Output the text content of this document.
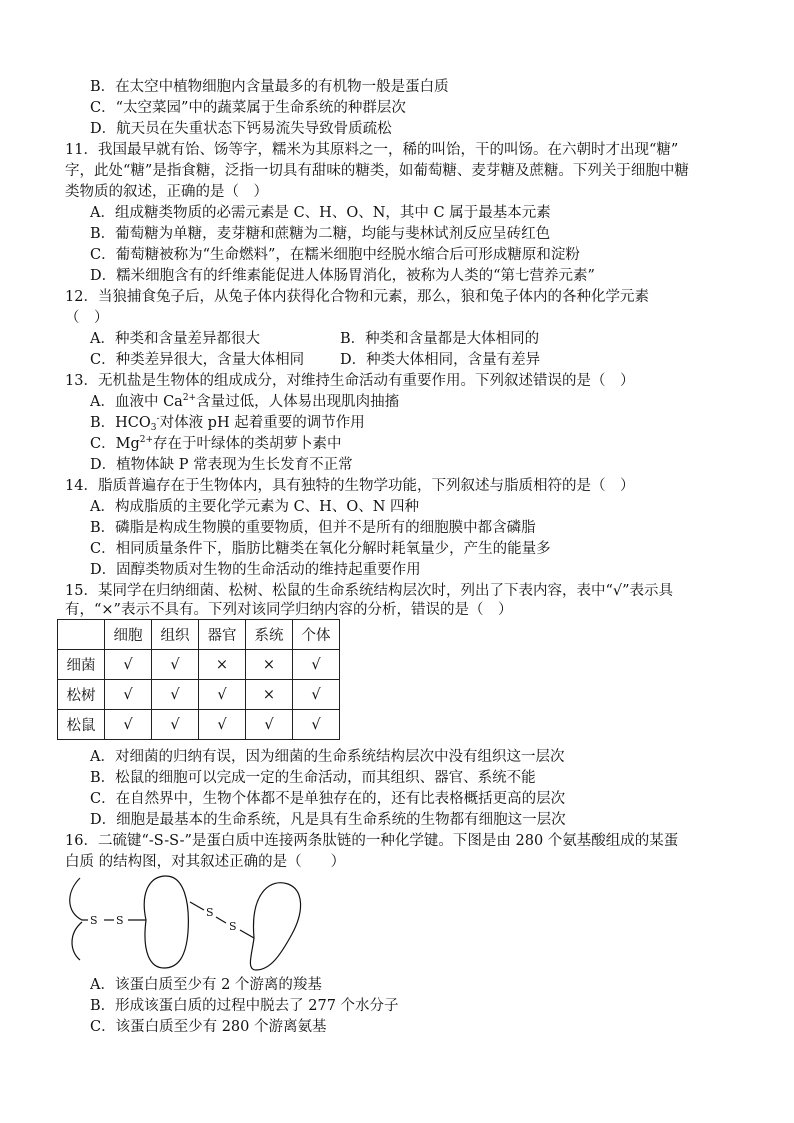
B．在太空中植物细胞内含量最多的有机物一般是蛋白质
C．“太空菜园”中的蔬菜属于生命系统的种群层次
D．航天员在失重状态下钙易流失导致骨质疏松
11．我国最早就有饴、饧等字，糯米为其原料之一，稀的叫饴，干的叫饧。在六朝时才出现“糖”
字，此处“糖”是指食糖，泛指一切具有甜味的糖类，如葡萄糖、麦芽糖及蔗糖。下列关于细胞中糖
类物质的叙述，正确的是（　）
A．组成糖类物质的必需元素是 C、H、O、N，其中 C 属于最基本元素
B．葡萄糖为单糖，麦芽糖和蔗糖为二糖，均能与斐林试剂反应呈砖红色
C．葡萄糖被称为“生命燃料”，在糯米细胞中经脱水缩合后可形成糖原和淀粉
D．糯米细胞含有的纤维素能促进人体肠胃消化，被称为人类的“第七营养元素”
12．当狼捕食兔子后，从兔子体内获得化合物和元素，那么，狼和兔子体内的各种化学元素
（　）
A．种类和含量差异都很大	B．种类和含量都是大体相同的
C．种类差异很大，含量大体相同 D．种类大体相同，含量有差异
13．无机盐是生物体的组成成分，对维持生命活动有重要作用。下列叙述错误的是（　）
A．血液中 $Ca^{2+}$含量过低，人体易出现肌肉抽搐
B．$HCO_3^-$对体液 pH 起着重要的调节作用
C．$Mg^{2+}$存在于叶绿体的类胡萝卜素中
D．植物体缺 P 常表现为生长发育不正常
14．脂质普遍存在于生物体内，具有独特的生物学功能，下列叙述与脂质相符的是（　）
A．构成脂质的主要化学元素为 C、H、O、N 四种
B．磷脂是构成生物膜的重要物质，但并不是所有的细胞膜中都含磷脂
C．相同质量条件下，脂肪比糖类在氧化分解时耗氧量少，产生的能量多
D．固醇类物质对生物的生命活动的维持起重要作用
15．某同学在归纳细菌、松树、松鼠的生命系统结构层次时，列出了下表内容，表中“√”表示具
有，“×”表示不具有。下列对该同学归纳内容的分析，错误的是（　）
	细胞	组织	器官	系统	个体
细菌	√	√	×	×	√
松树	√	√	√	×	√
松鼠	√	√	√	√	√
A．对细菌的归纳有误，因为细菌的生命系统结构层次中没有组织这一层次
B．松鼠的细胞可以完成一定的生命活动，而其组织、器官、系统不能
C．在自然界中，生物个体都不是单独存在的，还有比表格概括更高的层次
D．细胞是最基本的生命系统，凡是具有生命系统的生物都有细胞这一层次
16．二硫键“-S-S-”是蛋白质中连接两条肽链的一种化学键。下图是由 280 个氨基酸组成的某蛋
白质 的结构图，对其叙述正确的是（　　）
S S
S
S
A．该蛋白质至少有 2 个游离的羧基
B．形成该蛋白质的过程中脱去了 277 个水分子
C．该蛋白质至少有 280 个游离氨基
